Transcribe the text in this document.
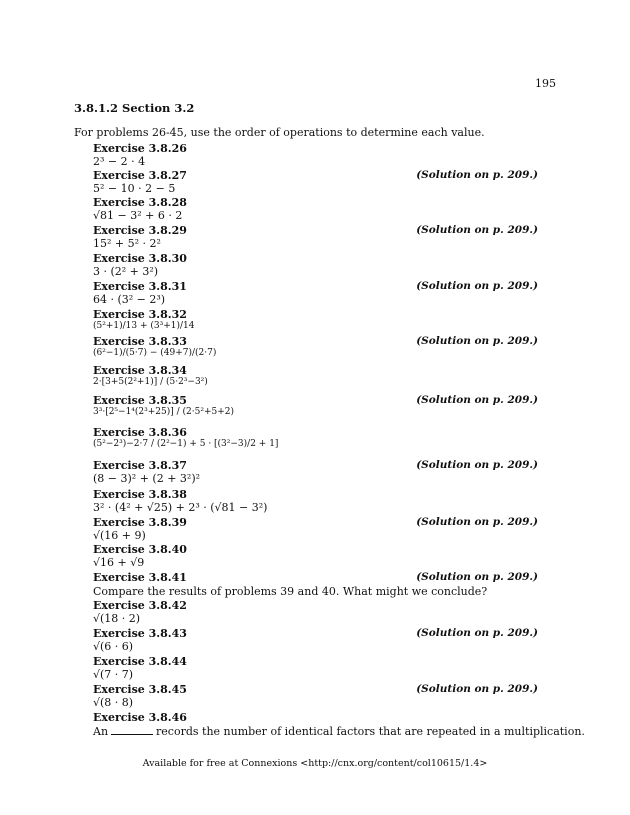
195
3.8.1.2 Section 3.2
For problems 26-45, use the order of operations to determine each value.
Exercise 3.8.26
2³ − 2 · 4
Exercise 3.8.27	(Solution on p. 209.)
5² − 10 · 2 − 5
Exercise 3.8.28
√81 − 3² + 6 · 2
Exercise 3.8.29	(Solution on p. 209.)
15² + 5² · 2²
Exercise 3.8.30
3 · (2² + 3²)
Exercise 3.8.31	(Solution on p. 209.)
64 · (3² − 2³)
Exercise 3.8.32
(5²+1)/13 + (3³+1)/14
Exercise 3.8.33	(Solution on p. 209.)
(6²−1)/(5·7) − (49+7)/(2·7)
Exercise 3.8.34
2·[3+5(2²+1)] / (5·2³−3²)
Exercise 3.8.35	(Solution on p. 209.)
3³·[2⁵−1⁴(2³+25)] / (2·5²+5+2)
Exercise 3.8.36
(5²−2³)−2·7 / (2²−1) + 5 · [(3²−3)/2 + 1]
Exercise 3.8.37	(Solution on p. 209.)
(8 − 3)² + (2 + 3²)²
Exercise 3.8.38
3² · (4² + √25) + 2³ · (√81 − 3²)
Exercise 3.8.39	(Solution on p. 209.)
√(16 + 9)
Exercise 3.8.40
√16 + √9
Exercise 3.8.41	(Solution on p. 209.)
Compare the results of problems 39 and 40. What might we conclude?
Exercise 3.8.42
√(18 · 2)
Exercise 3.8.43	(Solution on p. 209.)
√(6 · 6)
Exercise 3.8.44
√(7 · 7)
Exercise 3.8.45	(Solution on p. 209.)
√(8 · 8)
Exercise 3.8.46
An	records the number of identical factors that are repeated in a multiplication.
Available for free at Connexions <http://cnx.org/content/col10615/1.4>
